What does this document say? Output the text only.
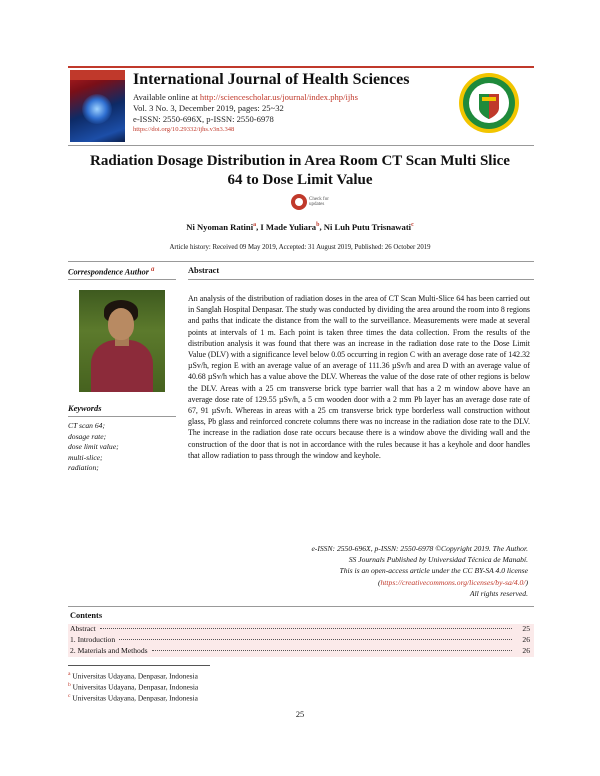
International Journal of Health Sciences
Available online at http://sciencescholar.us/journal/index.php/ijhs
Vol. 3 No. 3, December 2019, pages: 25~32
e-ISSN: 2550-696X, p-ISSN: 2550-6978
https://doi.org/10.29332/ijhs.v3n3.348
Radiation Dosage Distribution in Area Room CT Scan Multi Slice
64 to Dose Limit Value
Check for
updates
Ni Nyoman Ratini$^a$, I Made Yuliara$^b$, Ni Luh Putu Trisnawati$^c$
Article history: Received 09 May 2019, Accepted: 31 August 2019, Published: 26 October 2019
Correspondence Author $^a$
Keywords
CT scan 64;
dosage rate;
dose limit value;
multi-slice;
radiation;
Abstract
An analysis of the distribution of radiation doses in the area of CT Scan Multi-Slice 64 has been carried out in Sanglah Hospital Denpasar. The study was conducted by dividing the area around the room into 8 regions and paths that indicate the distance from the wall to the surveillance. Measurements were made at several points at intervals of 1 m. Each point is taken three times the data collection. From the results of the distribution analysis it was found that there was an increase in the radiation dose rate to the Dose Limit Value (DLV) with a significance level below 0.05 occurring in region C with an average dose rate of 142.32 µSv/h, region E with an average value of an average of 111.36 µSv/h and area D with an average value of 40.68 µSv/h which has a value above the DLV. Whereas the value of the dose rate of other regions is below the DLV. Areas with a 25 cm transverse brick type barrier wall that has a 2 m window above have an average dose rate of 129.55 µSv/h, a 5 cm wooden door with a 2 mm Pb layer has an average dose rate of 67, 91 µSv/h. Whereas in areas with a 25 cm transverse brick type borderless wall construction without glass, Pb glass and reinforced concrete columns there was no increase in the radiation dose rate to the DLV. The increase in the radiation dose rate occurs because there is a window above the dividing wall and the construction of the door that is not in accordance with the rules because it has a keyhole and door handles that allow radiation to pass through the window and keyhole.
e-ISSN: 2550-696X, p-ISSN: 2550-6978 ©Copyright 2019. The Author.
SS Journals Published by Universidad Técnica de Manabí.
This is an open-access article under the CC BY-SA 4.0 license
(https://creativecommons.org/licenses/by-sa/4.0/)
All rights reserved.
Contents
Abstract	25
1. Introduction	26
2. Materials and Methods	26
$^a$ Universitas Udayana, Denpasar, Indonesia
$^b$ Universitas Udayana, Denpasar, Indonesia
$^c$ Universitas Udayana, Denpasar, Indonesia
25
